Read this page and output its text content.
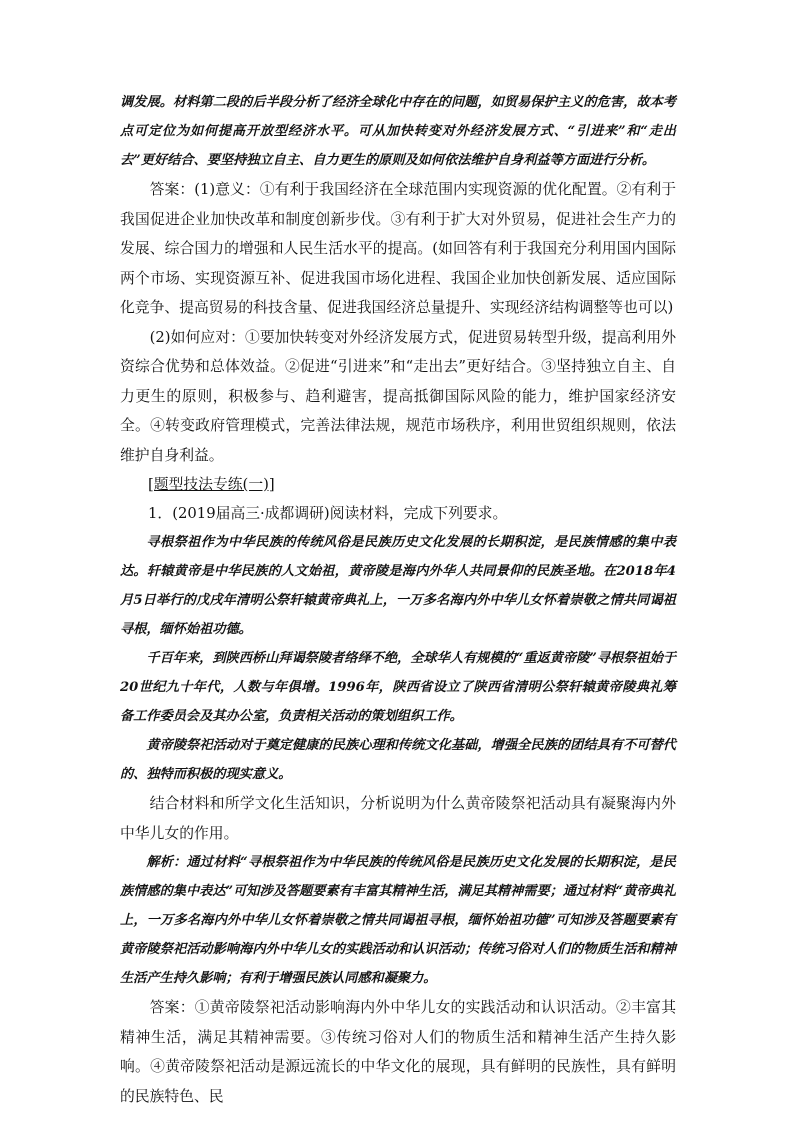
调发展。材料第二段的后半段分析了经济全球化中存在的问题，如贸易保护主义的危害，故本考点可定位为如何提高开放型经济水平。可从加快转变对外经济发展方式、“引进来”和“走出去”更好结合、要坚持独立自主、自力更生的原则及如何依法维护自身利益等方面进行分析。

答案：(1)意义：①有利于我国经济在全球范围内实现资源的优化配置。②有利于我国促进企业加快改革和制度创新步伐。③有利于扩大对外贸易，促进社会生产力的发展、综合国力的增强和人民生活水平的提高。(如回答有利于我国充分利用国内国际两个市场、实现资源互补、促进我国市场化进程、我国企业加快创新发展、适应国际化竞争、提高贸易的科技含量、促进我国经济总量提升、实现经济结构调整等也可以)

(2)如何应对：①要加快转变对外经济发展方式，促进贸易转型升级，提高利用外资综合优势和总体效益。②促进“引进来”和“走出去”更好结合。③坚持独立自主、自力更生的原则，积极参与、趋利避害，提高抵御国际风险的能力，维护国家经济安全。④转变政府管理模式，完善法律法规，规范市场秩序，利用世贸组织规则，依法维护自身利益。

[题型技法专练(一)]

1．(2019届高三·成都调研)阅读材料，完成下列要求。

寻根祭祖作为中华民族的传统风俗是民族历史文化发展的长期积淀，是民族情感的集中表达。轩辕黄帝是中华民族的人文始祖，黄帝陵是海内外华人共同景仰的民族圣地。在2018年4月5日举行的戊戌年清明公祭轩辕黄帝典礼上，一万多名海内外中华儿女怀着崇敬之情共同谒祖寻根，缅怀始祖功德。

千百年来，到陕西桥山拜谒祭陵者络绎不绝，全球华人有规模的“重返黄帝陵”寻根祭祖始于20世纪九十年代，人数与年俱增。1996年，陕西省设立了陕西省清明公祭轩辕黄帝陵典礼筹备工作委员会及其办公室，负责相关活动的策划组织工作。

黄帝陵祭祀活动对于奠定健康的民族心理和传统文化基础，增强全民族的团结具有不可替代的、独特而积极的现实意义。

结合材料和所学文化生活知识，分析说明为什么黄帝陵祭祀活动具有凝聚海内外中华儿女的作用。

解析：通过材料“寻根祭祖作为中华民族的传统风俗是民族历史文化发展的长期积淀，是民族情感的集中表达”可知涉及答题要素有丰富其精神生活，满足其精神需要；通过材料“黄帝典礼上，一万多名海内外中华儿女怀着崇敬之情共同谒祖寻根，缅怀始祖功德”可知涉及答题要素有黄帝陵祭祀活动影响海内外中华儿女的实践活动和认识活动；传统习俗对人们的物质生活和精神生活产生持久影响；有利于增强民族认同感和凝聚力。

答案：①黄帝陵祭祀活动影响海内外中华儿女的实践活动和认识活动。②丰富其精神生活，满足其精神需要。③传统习俗对人们的物质生活和精神生活产生持久影响。④黄帝陵祭祀活动是源远流长的中华文化的展现，具有鲜明的民族性，具有鲜明的民族特色、民
